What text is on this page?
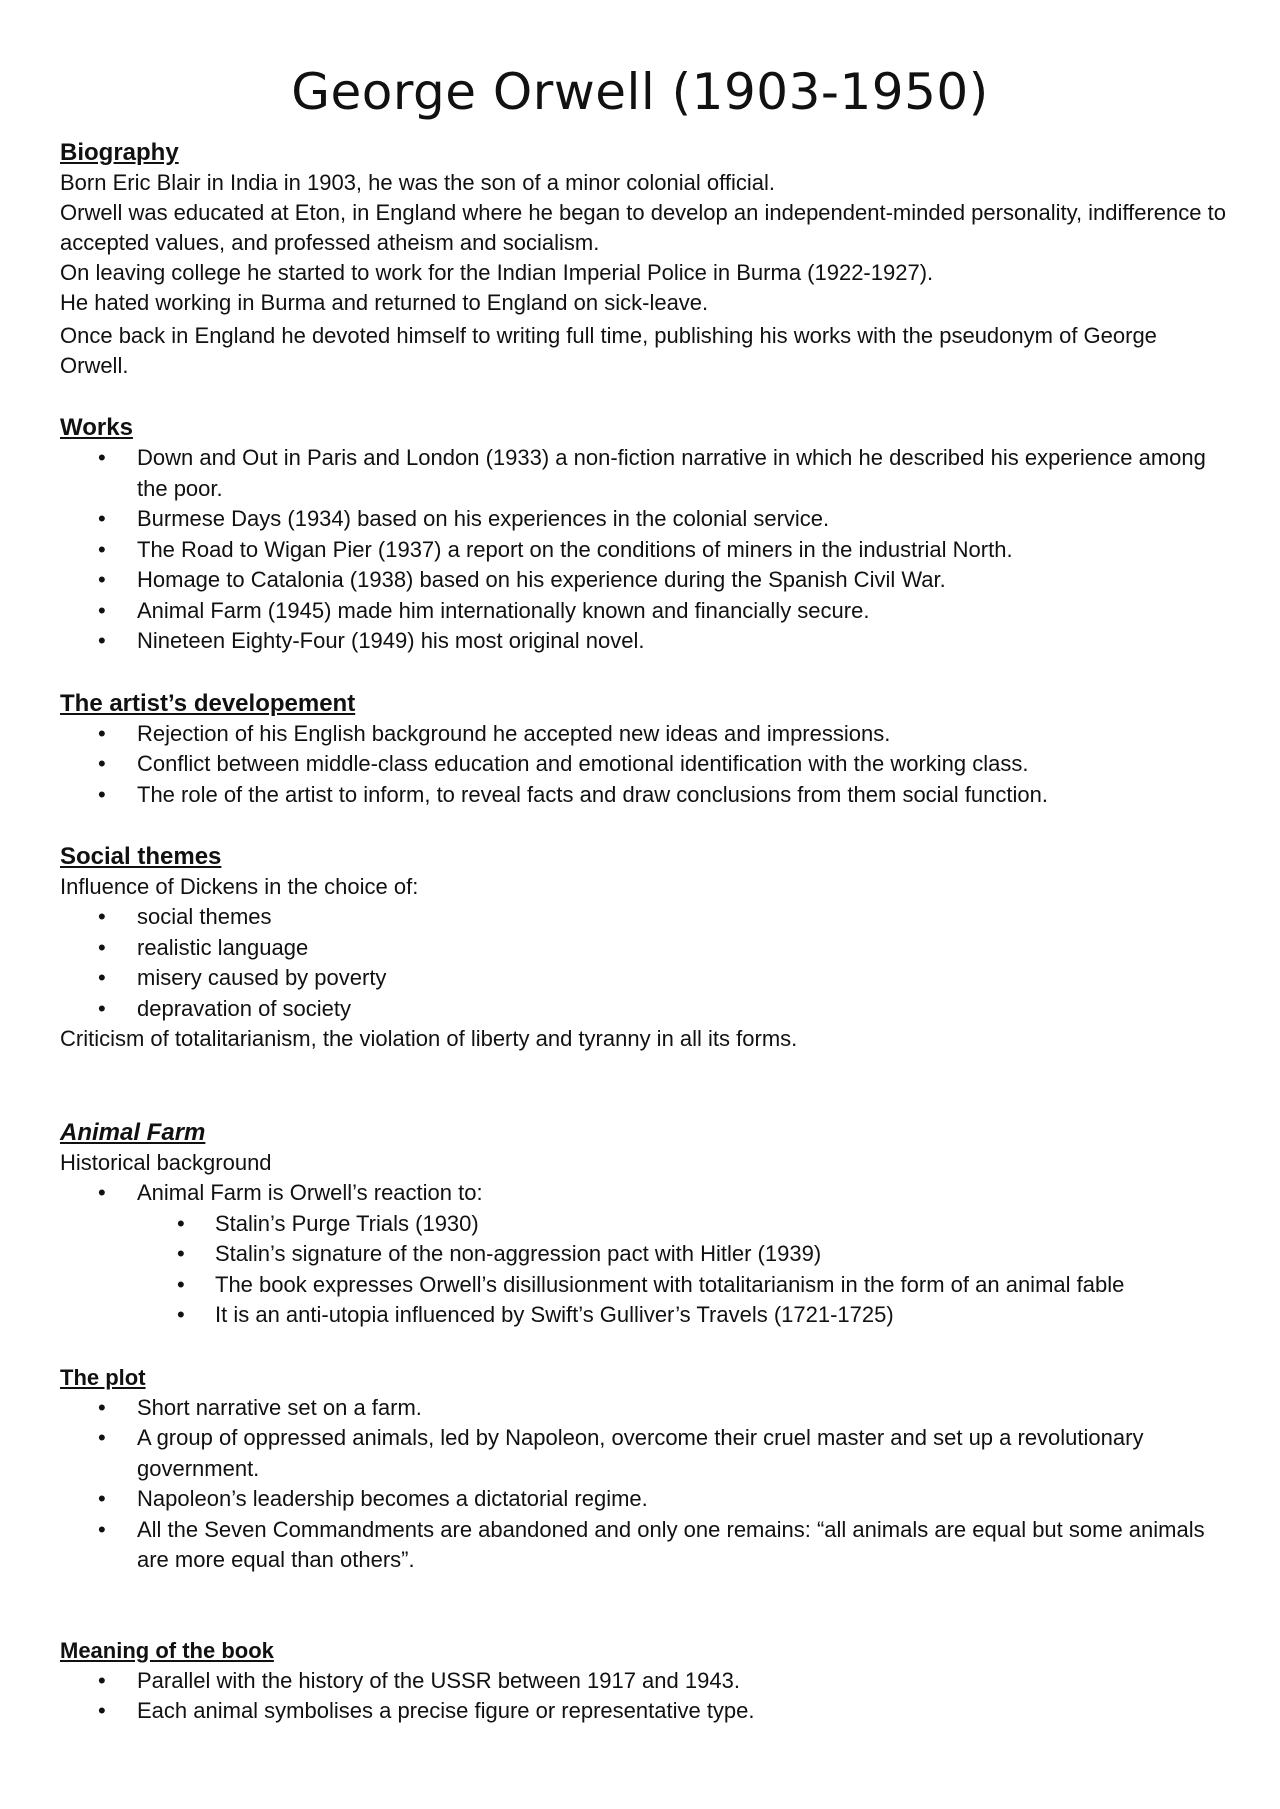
George Orwell (1903-1950)
Biography

Born Eric Blair in India in 1903, he was the son of a minor colonial official.

Orwell was educated at Eton, in England where he began to develop an independent-minded personality, indifference to accepted values, and professed atheism and socialism.

On leaving college he started to work for the Indian Imperial Police in Burma (1922-1927).

He hated working in Burma and returned to England on sick-leave.

Once back in England he devoted himself to writing full time, publishing his works with the pseudonym of George Orwell.

Works
• Down and Out in Paris and London (1933) a non-fiction narrative in which he described his experience among the poor.
• Burmese Days (1934) based on his experiences in the colonial service.
• The Road to Wigan Pier (1937) a report on the conditions of miners in the industrial North.
• Homage to Catalonia (1938) based on his experience during the Spanish Civil War.
• Animal Farm (1945) made him internationally known and financially secure.
• Nineteen Eighty-Four (1949) his most original novel.
The artist’s developement
• Rejection of his English background he accepted new ideas and impressions.
• Conflict between middle-class education and emotional identification with the working class.
• The role of the artist to inform, to reveal facts and draw conclusions from them social function.
Social themes

Influence of Dickens in the choice of:

• social themes
• realistic language
• misery caused by poverty
• depravation of society

Criticism of totalitarianism, the violation of liberty and tyranny in all its forms.

Animal Farm

Historical background

• Animal Farm is Orwell’s reaction to:
• Stalin’s Purge Trials (1930)
• Stalin’s signature of the non-aggression pact with Hitler (1939)
• The book expresses Orwell’s disillusionment with totalitarianism in the form of an animal fable
• It is an anti-utopia influenced by Swift’s Gulliver’s Travels (1721-1725)
The plot
• Short narrative set on a farm.
• A group of oppressed animals, led by Napoleon, overcome their cruel master and set up a revolutionary government.
• Napoleon’s leadership becomes a dictatorial regime.
• All the Seven Commandments are abandoned and only one remains: “all animals are equal but some animals are more equal than others”.
Meaning of the book
• Parallel with the history of the USSR between 1917 and 1943.
• Each animal symbolises a precise figure or representative type.
